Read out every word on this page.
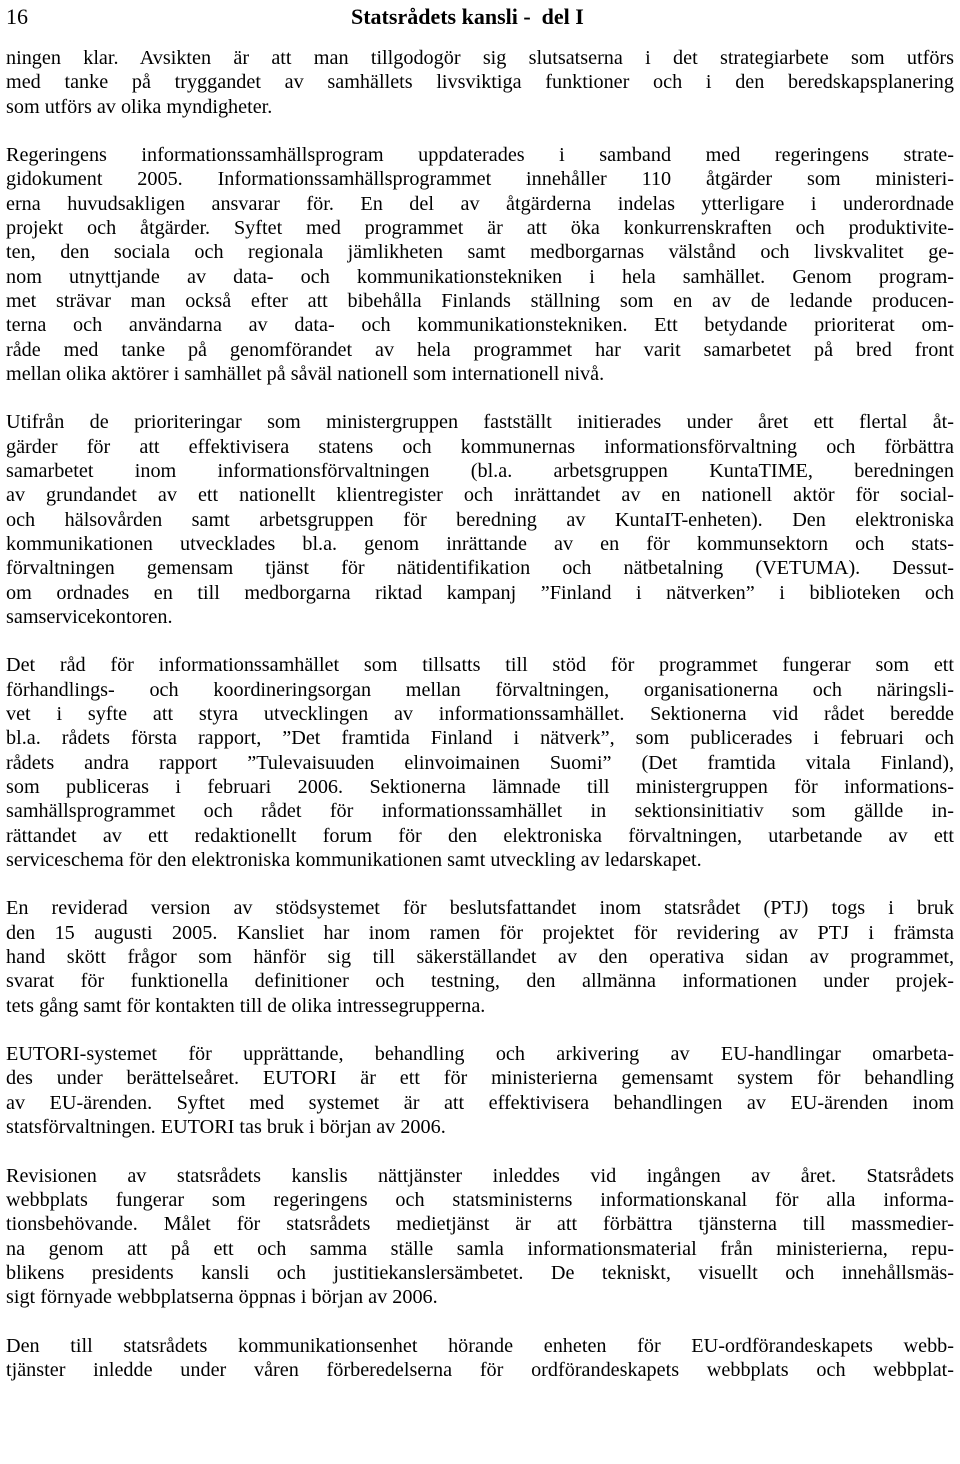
16	Statsrådets kansli -  del I

ningen klar. Avsikten är att man tillgodogör sig slutsatserna i det strategiarbete som utförs
med tanke på tryggandet av samhällets livsviktiga funktioner och i den beredskapsplanering
som utförs av olika myndigheter.

Regeringens informationssamhällsprogram uppdaterades i samband med regeringens strate-
gidokument 2005. Informationssamhällsprogrammet innehåller 110 åtgärder som ministeri-
erna huvudsakligen ansvarar för. En del av åtgärderna indelas ytterligare i underordnade
projekt och åtgärder. Syftet med programmet är att öka konkurrenskraften och produktivite-
ten, den sociala och regionala jämlikheten samt medborgarnas välstånd och livskvalitet ge-
nom utnyttjande av data- och kommunikationstekniken i hela samhället. Genom program-
met strävar man också efter att bibehålla Finlands ställning som en av de ledande producen-
terna och användarna av data- och kommunikationstekniken. Ett betydande prioriterat om-
råde med tanke på genomförandet av hela programmet har varit samarbetet på bred front
mellan olika aktörer i samhället på såväl nationell som internationell nivå.

Utifrån de prioriteringar som ministergruppen fastställt initierades under året ett flertal åt-
gärder för att effektivisera statens och kommunernas informationsförvaltning och förbättra
samarbetet inom informationsförvaltningen (bl.a. arbetsgruppen KuntaTIME, beredningen
av grundandet av ett nationellt klientregister och inrättandet av en nationell aktör för social-
och hälsovården samt arbetsgruppen för beredning av KuntaIT-enheten). Den elektroniska
kommunikationen utvecklades bl.a. genom inrättande av en för kommunsektorn och stats-
förvaltningen gemensam tjänst för nätidentifikation och nätbetalning (VETUMA). Dessut-
om ordnades en till medborgarna riktad kampanj ”Finland i nätverken” i biblioteken och
samservicekontoren.

Det råd för informationssamhället som tillsatts till stöd för programmet fungerar som ett
förhandlings- och koordineringsorgan mellan förvaltningen, organisationerna och näringsli-
vet i syfte att styra utvecklingen av informationssamhället. Sektionerna vid rådet beredde
bl.a. rådets första rapport, ”Det framtida Finland i nätverk”, som publicerades i februari och
rådets andra rapport ”Tulevaisuuden elinvoimainen Suomi” (Det framtida vitala Finland),
som publiceras i februari 2006. Sektionerna lämnade till ministergruppen för informations-
samhällsprogrammet och rådet för informationssamhället in sektionsinitiativ som gällde in-
rättandet av ett redaktionellt forum för den elektroniska förvaltningen, utarbetande av ett
serviceschema för den elektroniska kommunikationen samt utveckling av ledarskapet.

En reviderad version av stödsystemet för beslutsfattandet inom statsrådet (PTJ) togs i bruk
den 15 augusti 2005. Kansliet har inom ramen för projektet för revidering av PTJ i främsta
hand skött frågor som hänför sig till säkerställandet av den operativa sidan av programmet,
svarat för funktionella definitioner och testning, den allmänna informationen under projek-
tets gång samt för kontakten till de olika intressegrupperna.

EUTORI-systemet för upprättande, behandling och arkivering av EU-handlingar omarbeta-
des under berättelseåret. EUTORI är ett för ministerierna gemensamt system för behandling
av EU-ärenden. Syftet med systemet är att effektivisera behandlingen av EU-ärenden inom
statsförvaltningen. EUTORI tas bruk i början av 2006.

Revisionen av statsrådets kanslis nättjänster inleddes vid ingången av året. Statsrådets
webbplats fungerar som regeringens och statsministerns informationskanal för alla informa-
tionsbehövande. Målet för statsrådets medietjänst är att förbättra tjänsterna till massmedier-
na genom att på ett och samma ställe samla informationsmaterial från ministerierna, repu-
blikens presidents kansli och justitiekanslersämbetet. De tekniskt, visuellt och innehållsmäs-
sigt förnyade webbplatserna öppnas i början av 2006.

Den till statsrådets kommunikationsenhet hörande enheten för EU-ordförandeskapets webb-
tjänster inledde under våren förberedelserna för ordförandeskapets webbplats och webbplat-
